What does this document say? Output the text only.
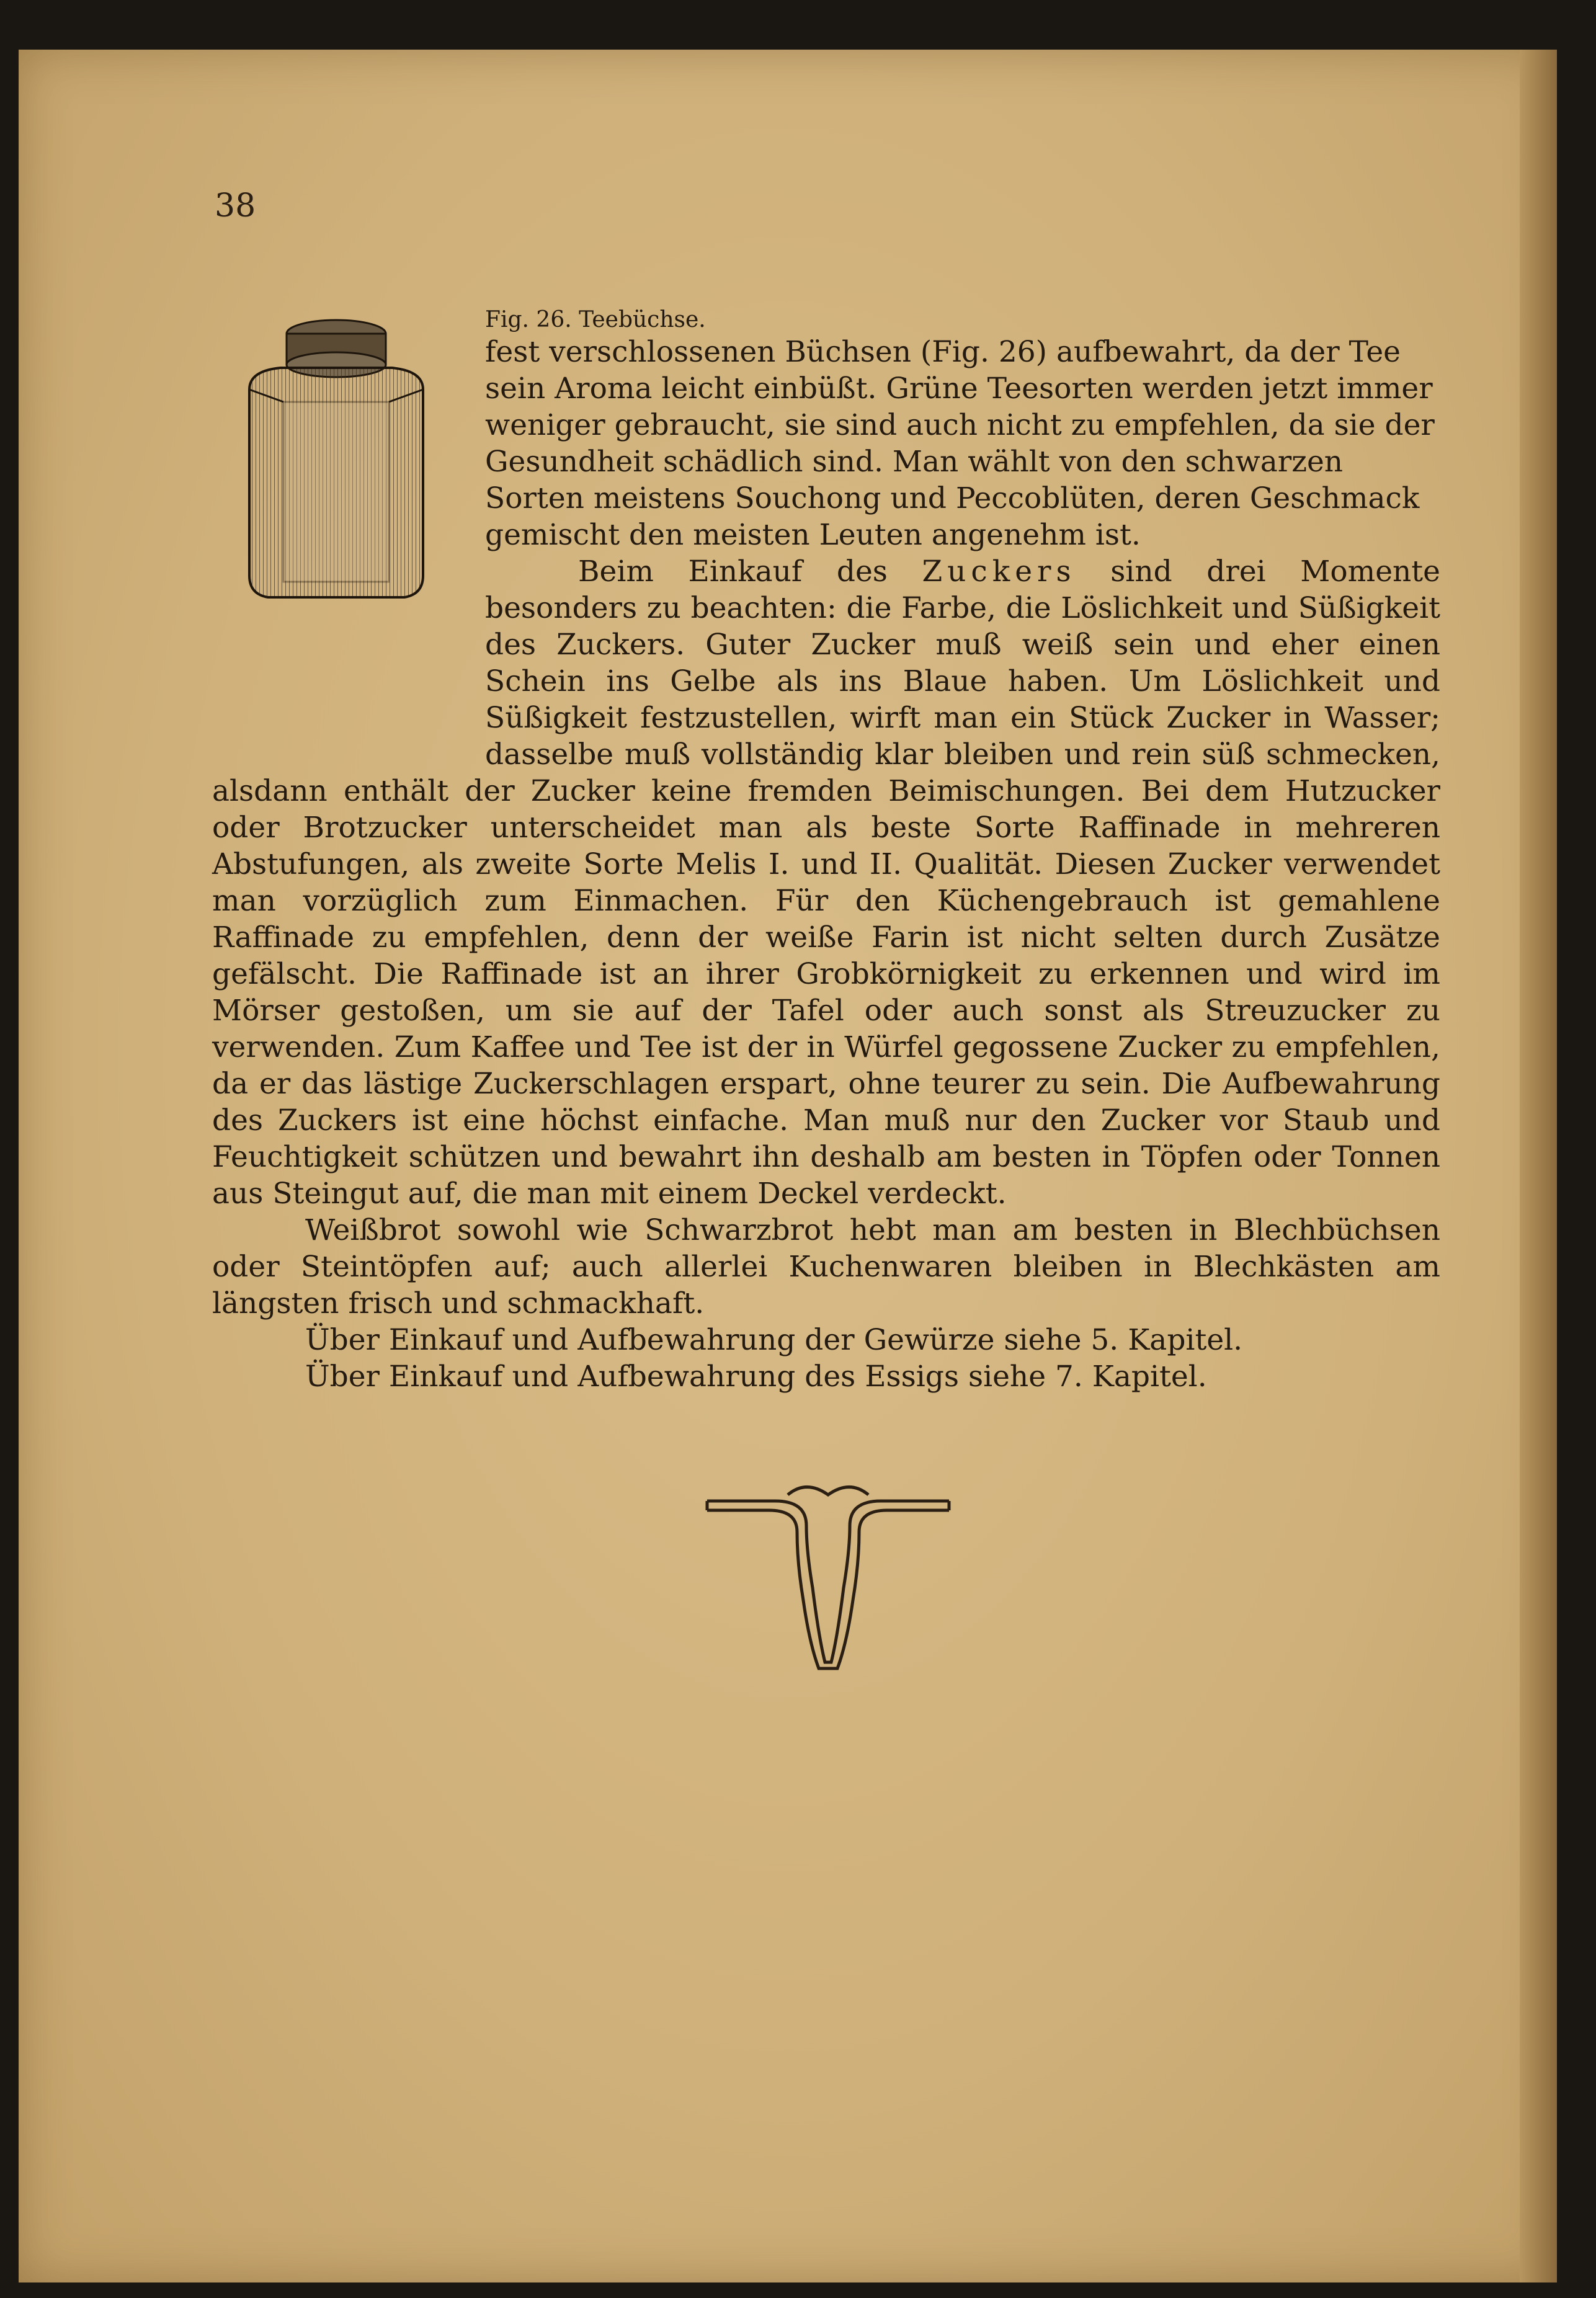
38

Fig. 26. Teebüchse.
fest verschlossenen Büchsen (Fig. 26) aufbewahrt, da der Tee sein Aroma leicht einbüßt. Grüne Teesorten werden jetzt immer weniger gebraucht, sie sind auch nicht zu empfehlen, da sie der Gesundheit schädlich sind. Man wählt von den schwarzen Sorten meistens Souchong und Peccoblüten, deren Geschmack gemischt den meisten Leuten angenehm ist.

Beim Einkauf des Zuckers sind drei Momente besonders zu beachten: die Farbe, die Löslichkeit und Süßigkeit des Zuckers. Guter Zucker muß weiß sein und eher einen Schein ins Gelbe als ins Blaue haben. Um Löslichkeit und Süßigkeit festzustellen, wirft man ein Stück Zucker in Wasser; dasselbe muß vollständig klar bleiben und rein süß schmecken, alsdann enthält der Zucker keine fremden Beimischungen. Bei dem Hutzucker oder Brotzucker unterscheidet man als beste Sorte Raffinade in mehreren Abstufungen, als zweite Sorte Melis I. und II. Qualität. Diesen Zucker verwendet man vorzüglich zum Einmachen. Für den Küchengebrauch ist gemahlene Raffinade zu empfehlen, denn der weiße Farin ist nicht selten durch Zusätze gefälscht. Die Raffinade ist an ihrer Grobkörnigkeit zu erkennen und wird im Mörser gestoßen, um sie auf der Tafel oder auch sonst als Streuzucker zu verwenden. Zum Kaffee und Tee ist der in Würfel gegossene Zucker zu empfehlen, da er das lästige Zuckerschlagen erspart, ohne teurer zu sein. Die Aufbewahrung des Zuckers ist eine höchst einfache. Man muß nur den Zucker vor Staub und Feuchtigkeit schützen und bewahrt ihn deshalb am besten in Töpfen oder Tonnen aus Steingut auf, die man mit einem Deckel verdeckt.

Weißbrot sowohl wie Schwarzbrot hebt man am besten in Blechbüchsen oder Steintöpfen auf; auch allerlei Kuchenwaren bleiben in Blechkästen am längsten frisch und schmackhaft.

Über Einkauf und Aufbewahrung der Gewürze siehe 5. Kapitel.

Über Einkauf und Aufbewahrung des Essigs siehe 7. Kapitel.
